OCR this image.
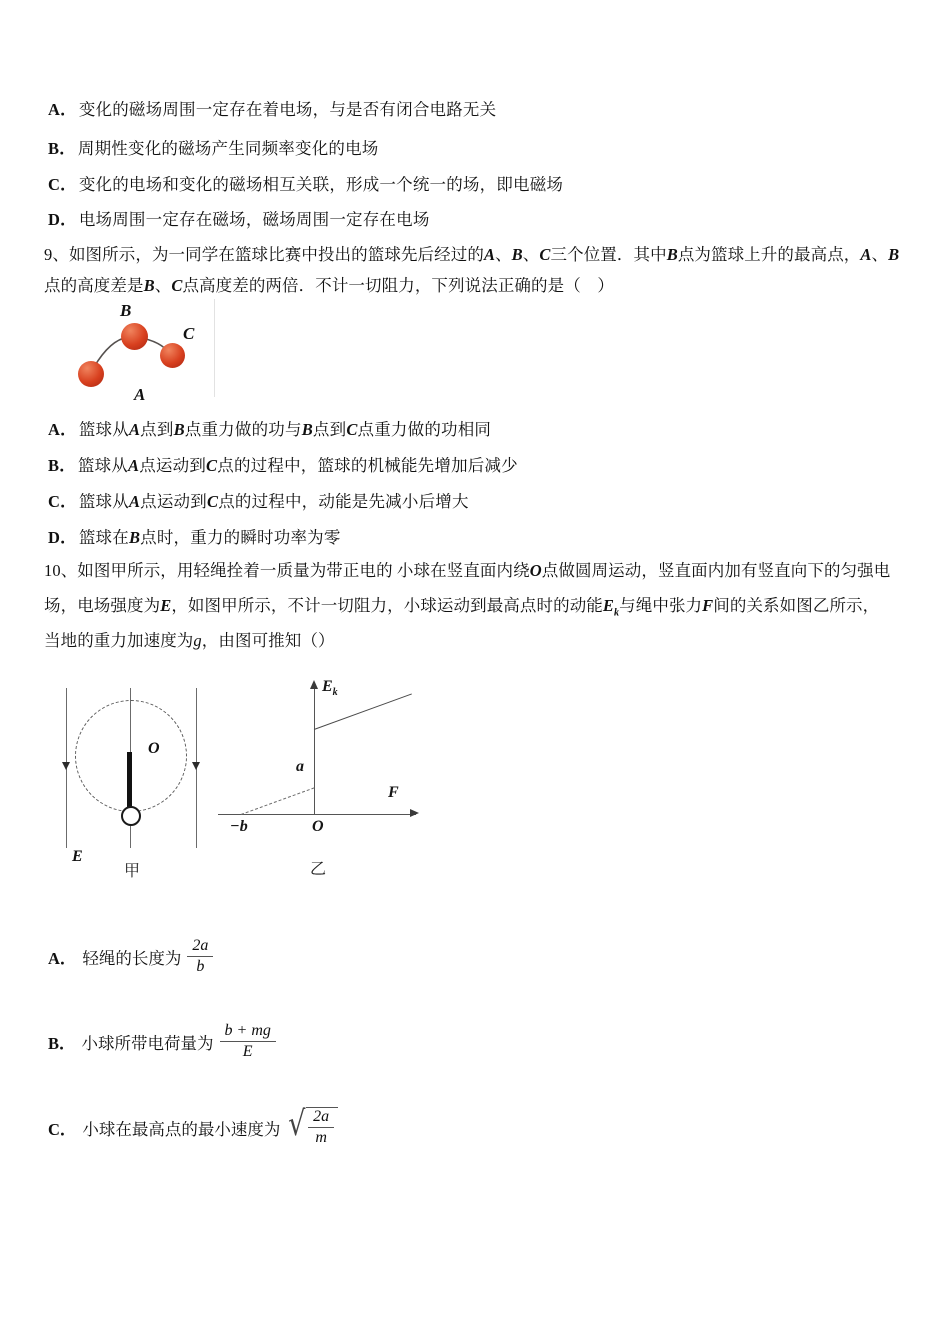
A． 变化的磁场周围一定存在着电场，与是否有闭合电路无关
B． 周期性变化的磁场产生同频率变化的电场
C． 变化的电场和变化的磁场相互关联，形成一个统一的场，即电磁场
D． 电场周围一定存在磁场，磁场周围一定存在电场
9、如图所示，为一同学在篮球比赛中投出的篮球先后经过的A、B、C三个位置．其中B点为篮球上升的最高点，A、B
点的高度差是B、C点高度差的两倍．不计一切阻力，下列说法正确的是（　）
A
B
C
A． 篮球从A点到B点重力做的功与B点到C点重力做的功相同
B． 篮球从A点运动到C点的过程中，篮球的机械能先增加后减少
C． 篮球从A点运动到C点的过程中，动能是先减小后增大
D． 篮球在B点时，重力的瞬时功率为零
10、如图甲所示，用轻绳拴着一质量为带正电的 小球在竖直面内绕O点做圆周运动，竖直面内加有竖直向下的匀强电
场，电场强度为E，如图甲所示，不计一切阻力，小球运动到最高点时的动能$E_k$与绳中张力F间的关系如图乙所示，
当地的重力加速度为g，由图可推知（）
O
E
甲
$E_k$
F
a
−b	O
乙
A． 轻绳的长度为 $\frac{2a}{b}$
B． 小球所带电荷量为 $\frac{b + mg}{E}$
C． 小球在最高点的最小速度为 √ $\frac{2a}{m}$
